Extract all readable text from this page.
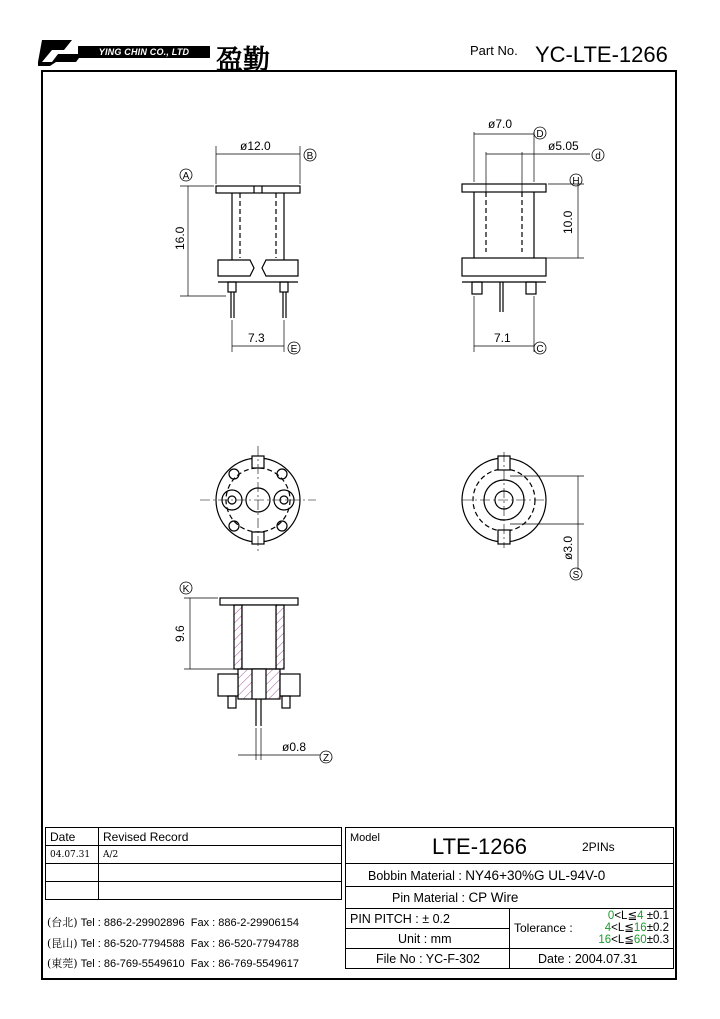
YING CHIN CO., LTD 盈勤	Part No. YC-LTE-1266
ø12.0
16.0
7.3
ø7.0
ø5.05
10.0
7.1
ø3.0
9.6
ø0.8
B
A
E
D
d
H
C
S
K
Z
Date	Revised Record
04.07.31	A/2

(台北) Tel : 886-2-29902896 Fax : 886-2-29906154
(昆山) Tel : 86-520-7794588 Fax : 86-520-7794788
(東莞) Tel : 86-769-5549610 Fax : 86-769-5549617
Model LTE-1266 2PINs	

Bobbin Material : NY46+30%G UL-94V-0	
Pin Material : CP Wire	
PIN PITCH : ± 0.2	Tolerance :
0<L≦4 ±0.1
4<L≦16±0.2
16<L≦60±0.3

Unit : mm	
File No : YC-F-302	Date : 2004.07.31
